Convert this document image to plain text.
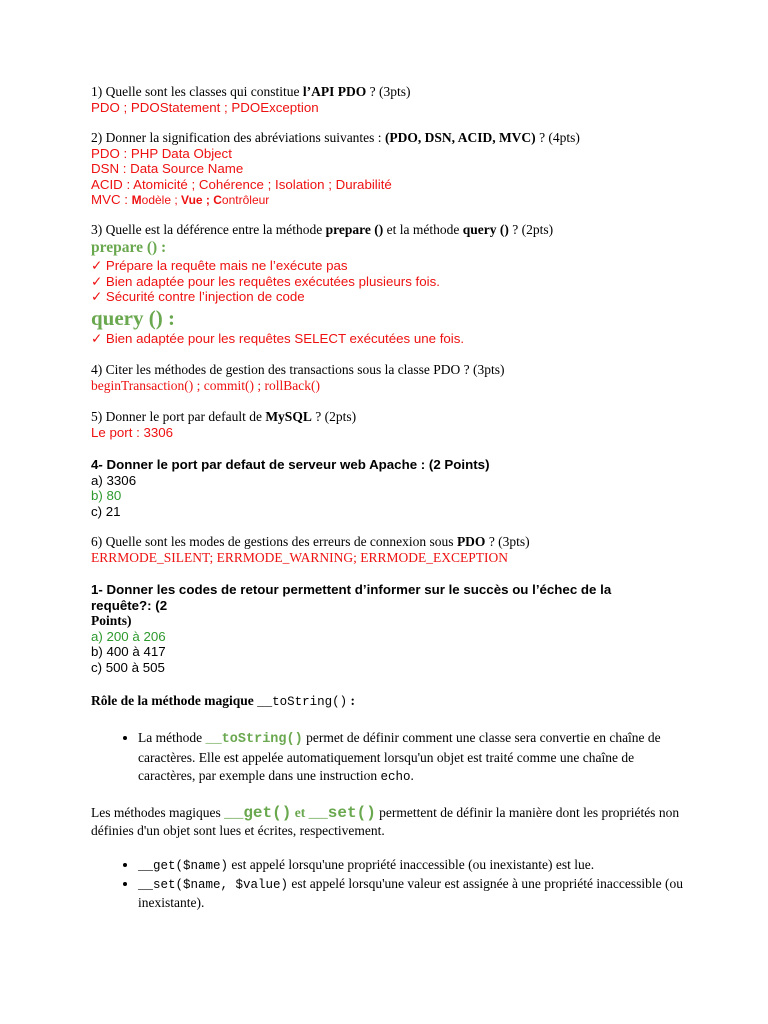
1) Quelle sont les classes qui constitue l’API PDO ? (3pts)
PDO ; PDOStatement ; PDOException
2) Donner la signification des abréviations suivantes : (PDO, DSN, ACID, MVC) ? (4pts)
PDO : PHP Data Object
DSN : Data Source Name
ACID : Atomicité ; Cohérence ; Isolation ; Durabilité
MVC : Modèle ; Vue ; Contrôleur
3) Quelle est la déférence entre la méthode prepare () et la méthode query () ? (2pts)
prepare () :
✓ Prépare la requête mais ne l’exécute pas
✓ Bien adaptée pour les requêtes exécutées plusieurs fois.
✓ Sécurité contre l’injection de code
query () :
✓ Bien adaptée pour les requêtes SELECT exécutées une fois.
4) Citer les méthodes de gestion des transactions sous la classe PDO ? (3pts)
beginTransaction() ; commit() ; rollBack()
5) Donner le port par default de MySQL ? (2pts)
Le port : 3306
4- Donner le port par defaut de serveur web Apache : (2 Points)
a) 3306
b) 80
c) 21
6) Quelle sont les modes de gestions des erreurs de connexion sous PDO ? (3pts)
ERRMODE_SILENT; ERRMODE_WARNING; ERRMODE_EXCEPTION
1- Donner les codes de retour permettent d’informer sur le succès ou l’échec de la
requête?: (2
Points)
a) 200 à 206
b) 400 à 417
c) 500 à 505
Rôle de la méthode magique __toString() :
• La méthode __toString() permet de définir comment une classe sera convertie en chaîne de caractères. Elle est appelée automatiquement lorsqu'un objet est traité comme une chaîne de caractères, par exemple dans une instruction echo.
Les méthodes magiques __get() et __set() permettent de définir la manière dont les propriétés non définies d'un objet sont lues et écrites, respectivement.
• __get($name) est appelé lorsqu'une propriété inaccessible (ou inexistante) est lue.
• __set($name, $value) est appelé lorsqu'une valeur est assignée à une propriété inaccessible (ou inexistante).
